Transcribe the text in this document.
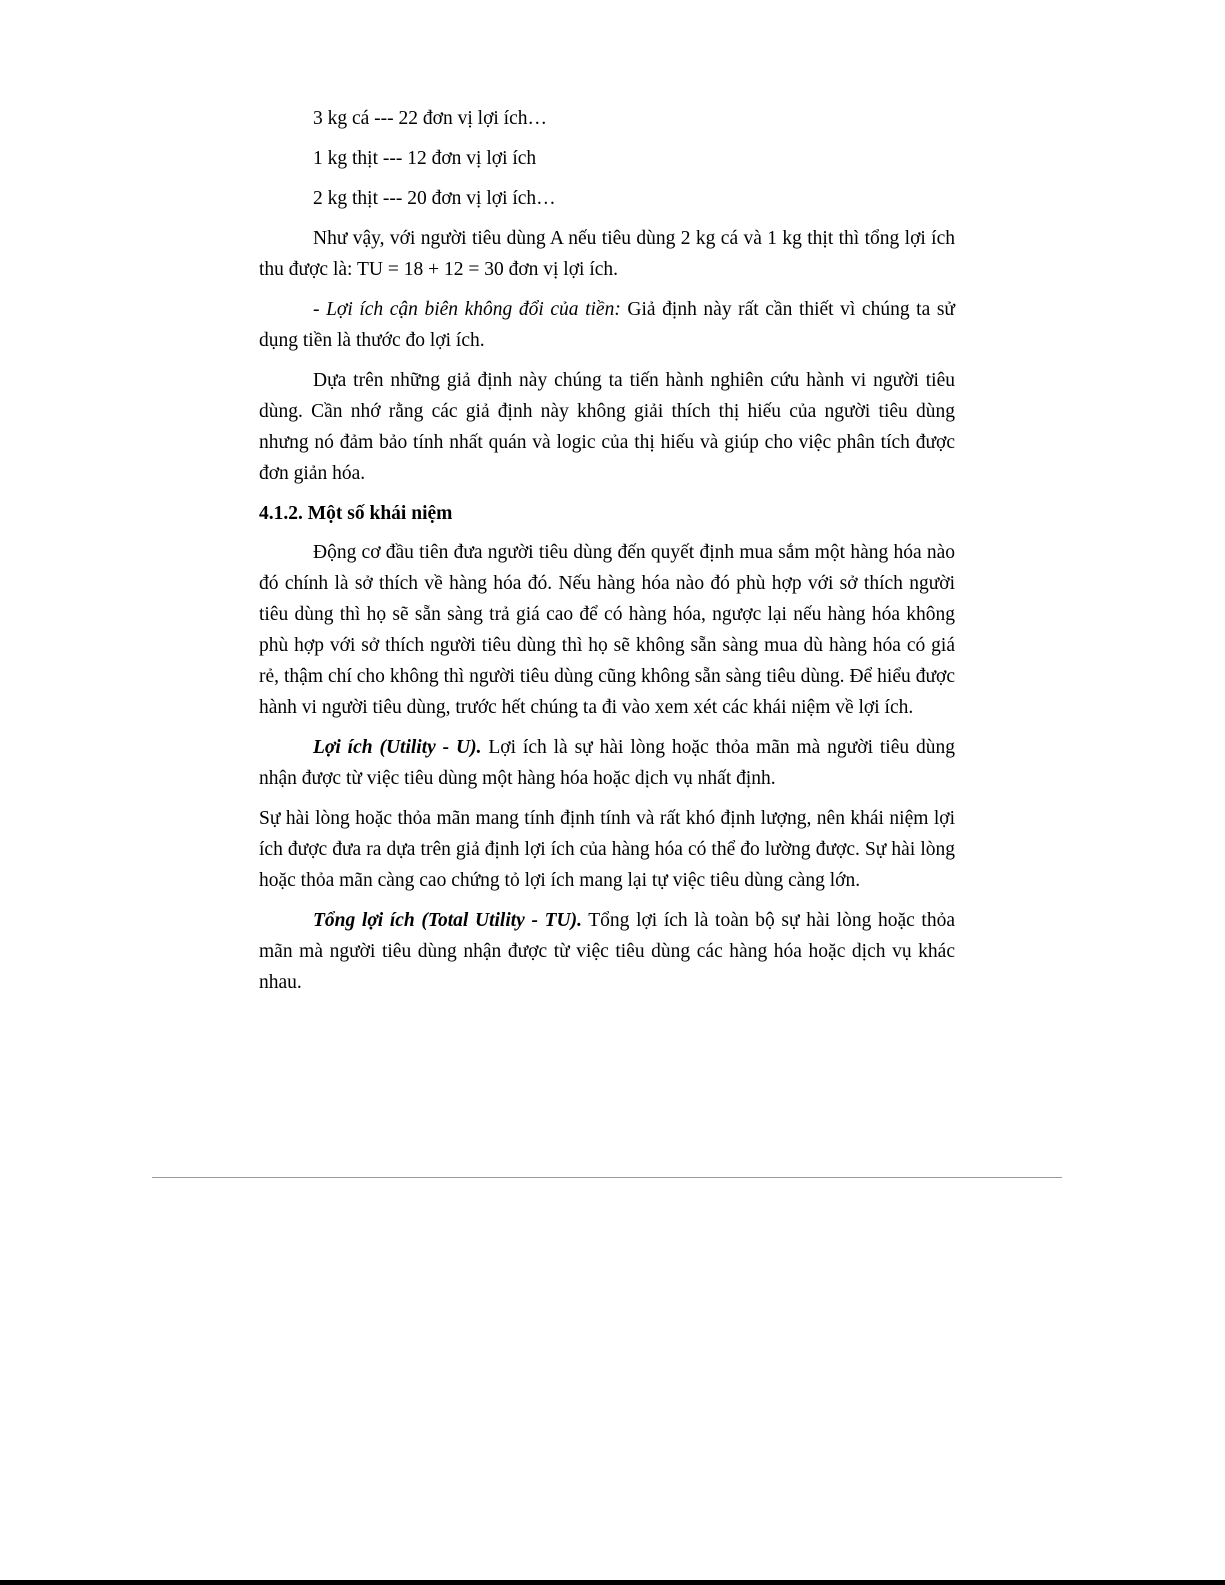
3 kg cá --- 22 đơn vị lợi ích…

1 kg thịt --- 12 đơn vị lợi ích

2 kg thịt --- 20 đơn vị lợi ích…

Như vậy, với người tiêu dùng A nếu tiêu dùng 2 kg cá và 1 kg thịt thì tổng lợi ích thu được là: TU = 18 + 12 = 30 đơn vị lợi ích.

- Lợi ích cận biên không đổi của tiền: Giả định này rất cần thiết vì chúng ta sử dụng tiền là thước đo lợi ích.

Dựa trên những giả định này chúng ta tiến hành nghiên cứu hành vi người tiêu dùng. Cần nhớ rằng các giả định này không giải thích thị hiếu của người tiêu dùng nhưng nó đảm bảo tính nhất quán và logic của thị hiếu và giúp cho việc phân tích được đơn giản hóa.

4.1.2. Một số khái niệm

Động cơ đầu tiên đưa người tiêu dùng đến quyết định mua sắm một hàng hóa nào đó chính là sở thích về hàng hóa đó. Nếu hàng hóa nào đó phù hợp với sở thích người tiêu dùng thì họ sẽ sẵn sàng trả giá cao để có hàng hóa, ngược lại nếu hàng hóa không phù hợp với sở thích người tiêu dùng thì họ sẽ không sẵn sàng mua dù hàng hóa có giá rẻ, thậm chí cho không thì người tiêu dùng cũng không sẵn sàng tiêu dùng. Để hiểu được hành vi người tiêu dùng, trước hết chúng ta đi vào xem xét các khái niệm về lợi ích.

Lợi ích (Utility - U). Lợi ích là sự hài lòng hoặc thỏa mãn mà người tiêu dùng nhận được từ việc tiêu dùng một hàng hóa hoặc dịch vụ nhất định.

Sự hài lòng hoặc thỏa mãn mang tính định tính và rất khó định lượng, nên khái niệm lợi ích được đưa ra dựa trên giả định lợi ích của hàng hóa có thể đo lường được. Sự hài lòng hoặc thỏa mãn càng cao chứng tỏ lợi ích mang lại tự việc tiêu dùng càng lớn.

Tổng lợi ích (Total Utility - TU). Tổng lợi ích là toàn bộ sự hài lòng hoặc thỏa mãn mà người tiêu dùng nhận được từ việc tiêu dùng các hàng hóa hoặc dịch vụ khác nhau.
